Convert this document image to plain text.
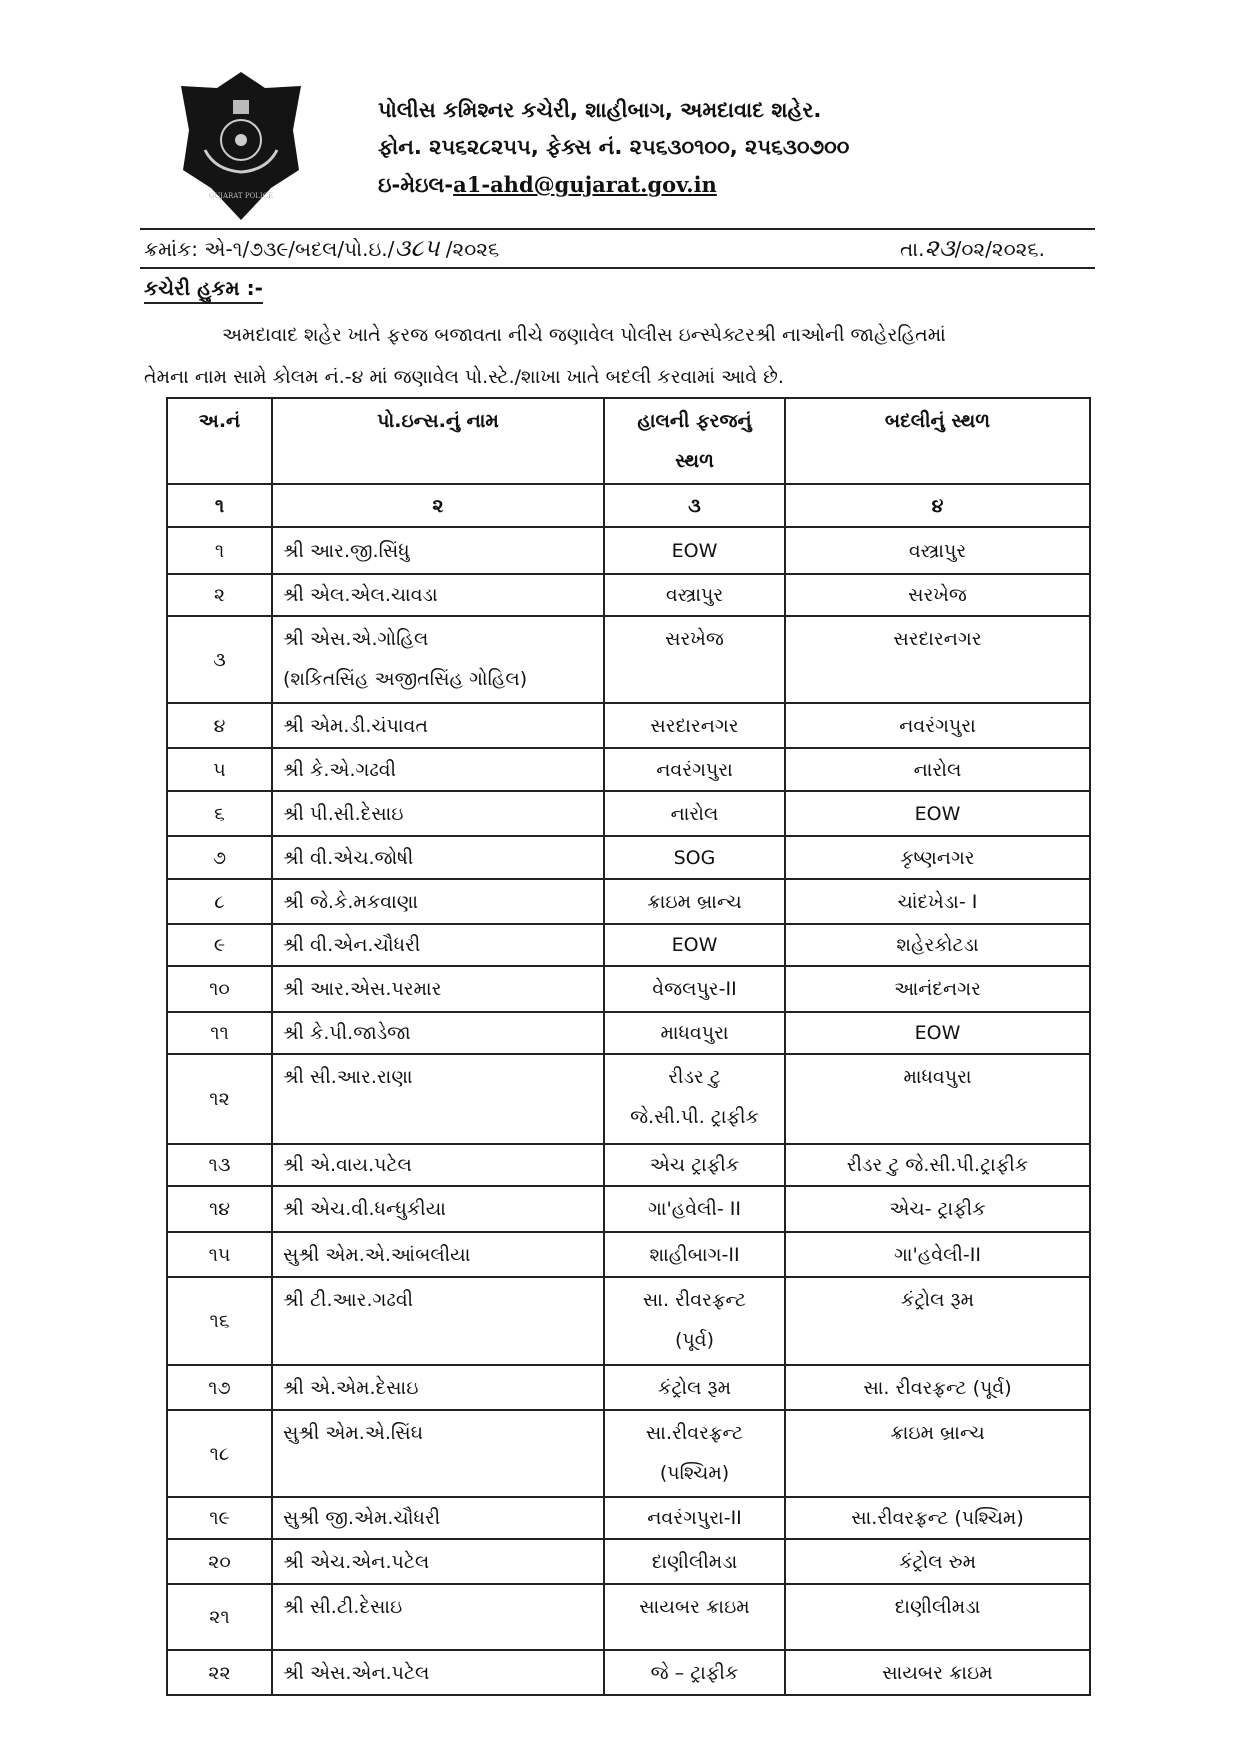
GUJARAT POLICE
પોલીસ કમિશ્નર કચેરી, શાહીબાગ, અમદાવાદ શહેર.
ફોન. ૨૫૬૨૮૨૫૫, ફેક્સ નં. ૨૫૬૩૦૧૦૦, ૨૫૬૩૦૭૦૦
ઇ-મેઇલ-a1-ahd@gujarat.gov.in
ક્રમાંક: એ-૧/૭૩૯/બદલ/પો.ઇ./૩૮૫ /૨૦૨૬	તા.૨૩/૦૨/૨૦૨૬.
કચેરી હુકમ :-
અમદાવાદ શહેર ખાતે ફરજ બજાવતા નીચે જણાવેલ પોલીસ ઇન્સ્પેક્ટરશ્રી નાઓની જાહેરહિતમાં
તેમના નામ સામે કોલમ નં.-૪ માં જણાવેલ પો.સ્ટે./શાખા ખાતે બદલી કરવામાં આવે છે.
અ.નં	પો.ઇન્સ.નું નામ	હાલની ફરજનું સ્થળ	બદલીનું સ્થળ
૧	૨	૩	૪

૧	શ્રી આર.જી.સિંધુ	EOW	વસ્ત્રાપુર

૨	શ્રી એલ.એલ.ચાવડા	વસ્ત્રાપુર	સરખેજ

૩	શ્રી એસ.એ.ગોહિલ
(શકિતસિંહ અજીતસિંહ ગોહિલ)	સરખેજ	સરદારનગર

૪	શ્રી એમ.ડી.ચંપાવત	સરદારનગર	નવરંગપુરા

૫	શ્રી કે.એ.ગઢવી	નવરંગપુરા	નારોલ

૬	શ્રી પી.સી.દેસાઇ	નારોલ	EOW

૭	શ્રી વી.એચ.જોષી	SOG	કૃષ્ણનગર

૮	શ્રી જે.કે.મકવાણા	ક્રાઇમ બ્રાન્ચ	ચાંદખેડા- I

૯	શ્રી વી.એન.ચૌધરી	EOW	શહેરકોટડા

૧૦	શ્રી આર.એસ.પરમાર	વેજલપુર-II	આનંદનગર

૧૧	શ્રી કે.પી.જાડેજા	માધવપુરા	EOW

૧૨	શ્રી સી.આર.રાણા	રીડર ટુ
જે.સી.પી. ટ્રાફીક	માધવપુરા

૧૩	શ્રી એ.વાય.પટેલ	એચ ટ્રાફીક	રીડર ટુ જે.સી.પી.ટ્રાફીક

૧૪	શ્રી એચ.વી.ધન્ધુકીયા	ગા'હવેલી- II	એચ- ટ્રાફીક

૧૫	સુશ્રી એમ.એ.આંબલીયા	શાહીબાગ-II	ગા'હવેલી-II

૧૬	શ્રી ટી.આર.ગઢવી	સા. રીવરફ્રન્ટ
(પૂર્વ)	કંટ્રોલ રૂમ

૧૭	શ્રી એ.એમ.દેસાઇ	કંટ્રોલ રૂમ	સા. રીવરફ્રન્ટ (પૂર્વ)

૧૮	સુશ્રી એમ.એ.સિંઘ	સા.રીવરફ્રન્ટ
(પશ્ચિમ)	ક્રાઇમ બ્રાન્ચ

૧૯	સુશ્રી જી.એમ.ચૌધરી	નવરંગપુરા-II	સા.રીવરફ્રન્ટ (પશ્ચિમ)

૨૦	શ્રી એચ.એન.પટેલ	દાણીલીમડા	કંટ્રોલ રુમ

૨૧	શ્રી સી.ટી.દેસાઇ	સાયબર ક્રાઇમ	દાણીલીમડા

૨૨	શ્રી એસ.એન.પટેલ	જે – ટ્રાફીક	સાયબર ક્રાઇમ
